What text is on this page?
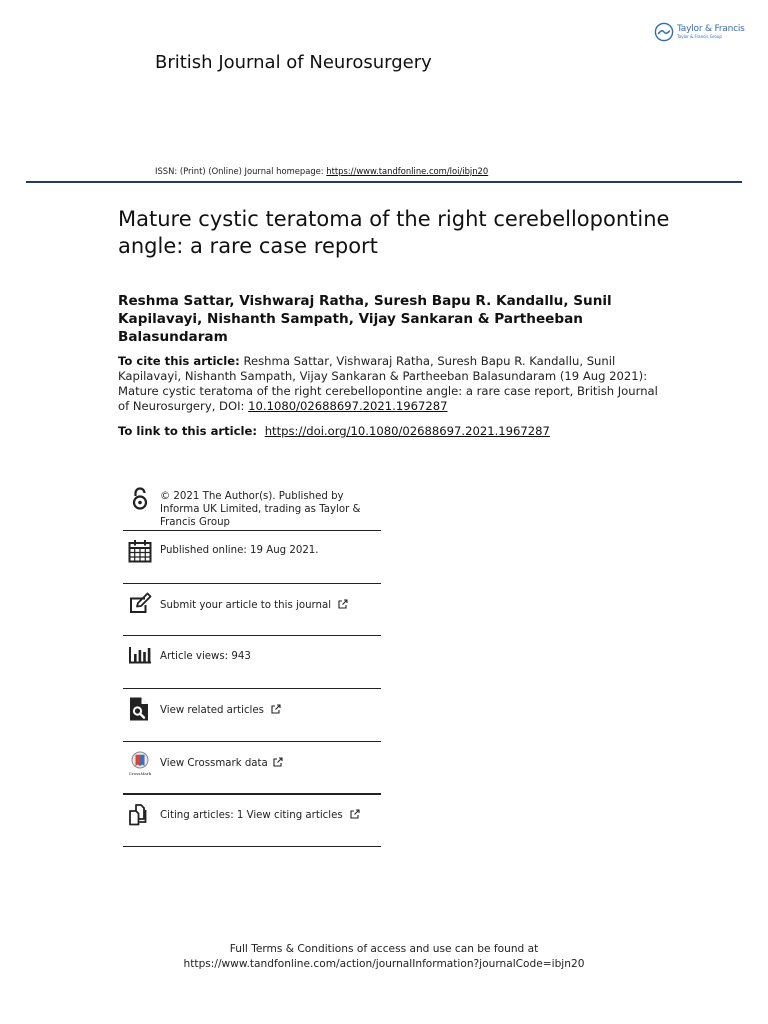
Taylor & Francis
Taylor & Francis Group
British Journal of Neurosurgery
ISSN: (Print) (Online) Journal homepage: https://www.tandfonline.com/loi/ibjn20
Mature cystic teratoma of the right cerebellopontine angle: a rare case report
Reshma Sattar, Vishwaraj Ratha, Suresh Bapu R. Kandallu, Sunil Kapilavayi, Nishanth Sampath, Vijay Sankaran & Partheeban Balasundaram
To cite this article: Reshma Sattar, Vishwaraj Ratha, Suresh Bapu R. Kandallu, Sunil Kapilavayi, Nishanth Sampath, Vijay Sankaran & Partheeban Balasundaram (19 Aug 2021): Mature cystic teratoma of the right cerebellopontine angle: a rare case report, British Journal of Neurosurgery, DOI: 10.1080/02688697.2021.1967287
To link to this article:  https://doi.org/10.1080/02688697.2021.1967287
© 2021 The Author(s). Published by Informa UK Limited, trading as Taylor & Francis Group
Published online: 19 Aug 2021.
Submit your article to this journal
Article views: 943
View related articles
CrossMark
View Crossmark data
Citing articles: 1 View citing articles
Full Terms & Conditions of access and use can be found at
https://www.tandfonline.com/action/journalInformation?journalCode=ibjn20
